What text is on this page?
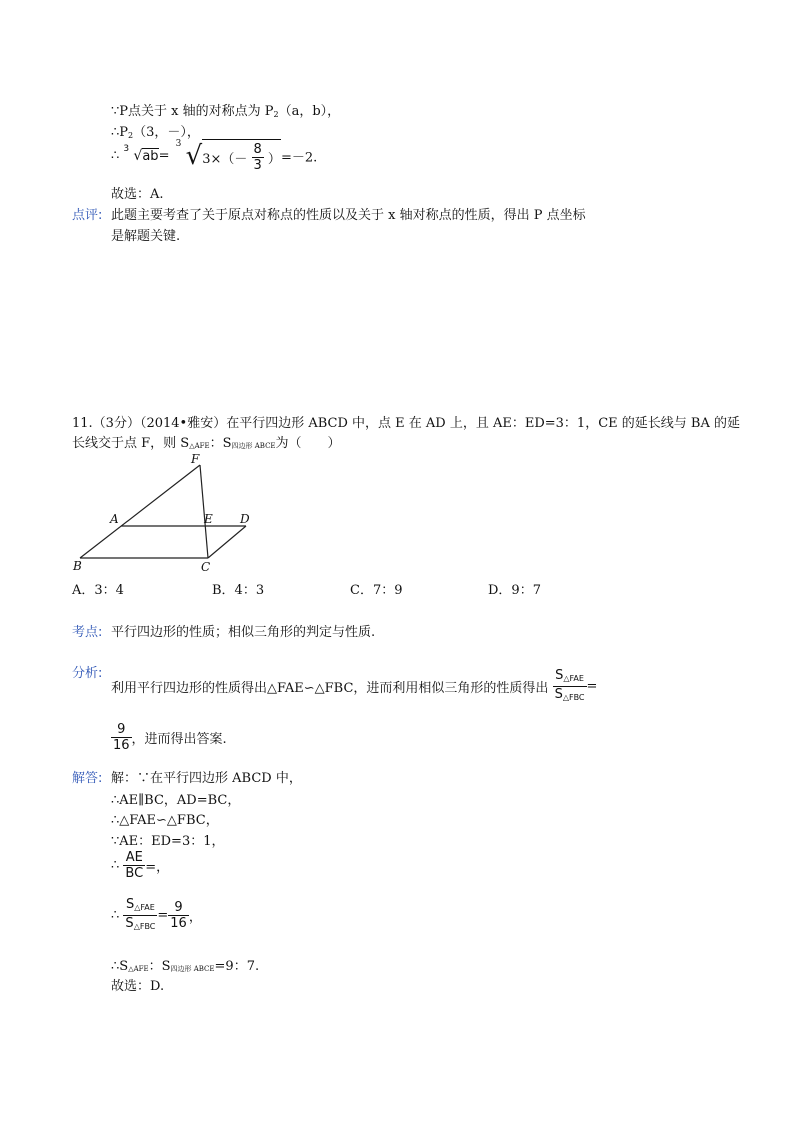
∵P点关于 x 轴的对称点为 $P_2(a$，b），
$\therefore P_2(3$，－），
∴ 3 √ab=
3 $√3\times(- \frac{8}{3} )=-2$.
故选：A.
点评: 此题主要考查了关于原点对称点的性质以及关于 x 轴对称点的性质，得出 P 点坐标
是解题关键.
11.（3分）（2014•雅安）在平行四边形 ABCD 中，点 E 在 AD 上，且 AE：ED=3：1，CE 的延长线与 BA 的延
长线交于点 F，则 S△AFE：S四边形 ABCE为（　　）
F
A	E D
B	C
A．3：4	B．4：3	C．7：9	D．9：7
考点: 平行四边形的性质；相似三角形的判定与性质.
分析:
利用平行四边形的性质得出△FAE∽△FBC，进而利用相似三角形的性质得出 $\frac{S_{\triangle FAE}}{S_{\triangle FBC}}$ =
$\frac{9}{16}$ ，进而得出答案.
解答: 解：∵在平行四边形 ABCD 中，
∴AE∥BC，AD=BC，
∴△FAE∽△FBC，
∵AE：ED=3：1，
∴ $\frac{AE}{BC}$ =，
∴ $\frac{S_{\triangle FAE}}{S_{\triangle FBC}} = \frac{9}{16}$ ，
∴S△AFE：S四边形 ABCE=9：7.
故选：D.
